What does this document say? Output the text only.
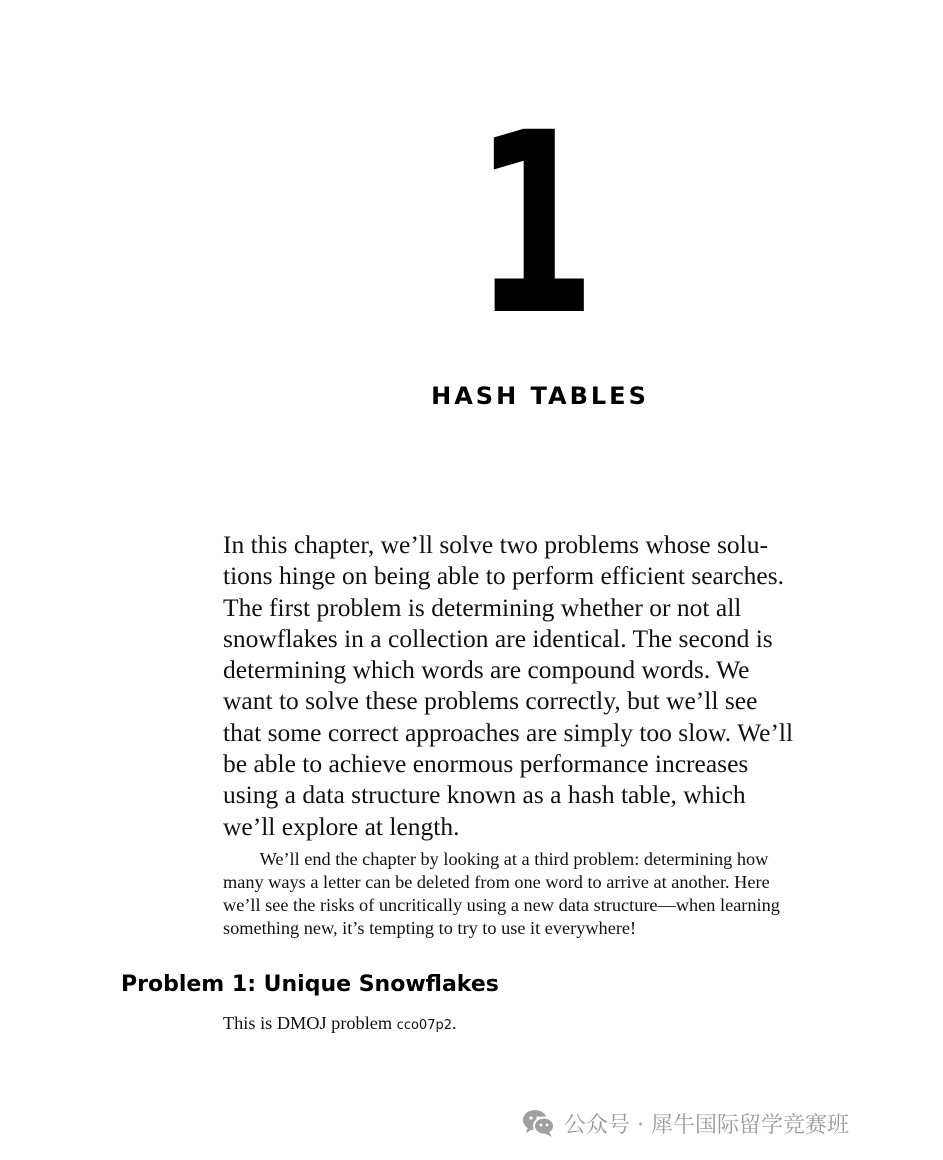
1
HASH TABLES

In this chapter, we’ll solve two problems whose solu-
tions hinge on being able to perform efficient searches.
The first problem is determining whether or not all
snowflakes in a collection are identical. The second is
determining which words are compound words. We
want to solve these problems correctly, but we’ll see
that some correct approaches are simply too slow. We’ll
be able to achieve enormous performance increases
using a data structure known as a hash table, which
we’ll explore at length.

  We’ll end the chapter by looking at a third problem: determining how
many ways a letter can be deleted from one word to arrive at another. Here
we’ll see the risks of uncritically using a new data structure—when learning
something new, it’s tempting to try to use it everywhere!

Problem 1: Unique Snowflakes

This is DMOJ problem cco07p2.

公众号 · 犀牛国际留学竞赛班
